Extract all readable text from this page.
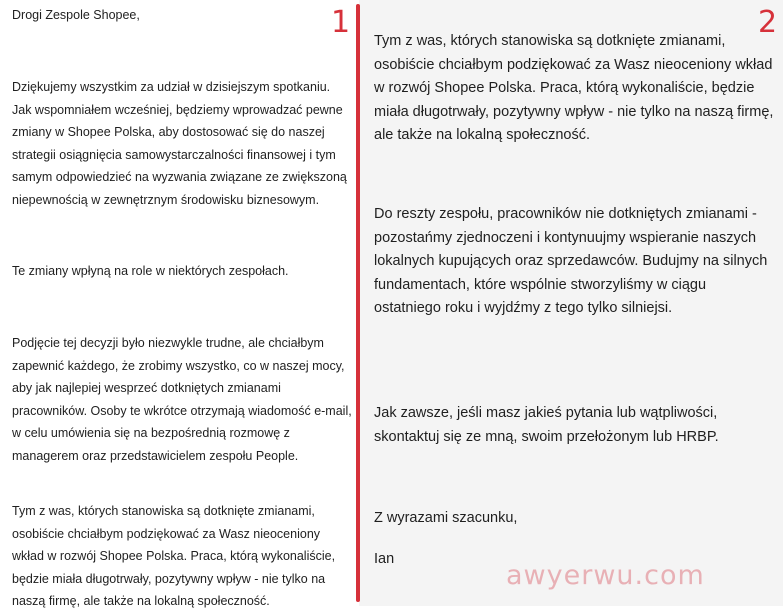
Drogi Zespole Shopee,

Dziękujemy wszystkim za udział w dzisiejszym spotkaniu. Jak wspomniałem wcześniej, będziemy wprowadzać pewne zmiany w Shopee Polska, aby dostosować się do naszej strategii osiągnięcia samowystarczalności finansowej i tym samym odpowiedzieć na wyzwania związane ze zwiększoną niepewnością w zewnętrznym środowisku biznesowym.

Te zmiany wpłyną na role w niektórych zespołach.

Podjęcie tej decyzji było niezwykle trudne, ale chciałbym zapewnić każdego, że zrobimy wszystko, co w naszej mocy, aby jak najlepiej wesprzeć dotkniętych zmianami pracowników. Osoby te wkrótce otrzymają wiadomość e-mail, w celu umówienia się na bezpośrednią rozmowę z managerem oraz przedstawicielem zespołu People.

Tym z was, których stanowiska są dotknięte zmianami, osobiście chciałbym podziękować za Wasz nieoceniony wkład w rozwój Shopee Polska. Praca, którą wykonaliście, będzie miała długotrwały, pozytywny wpływ - nie tylko na naszą firmę, ale także na lokalną społeczność.

1	2

Tym z was, których stanowiska są dotknięte zmianami, osobiście chciałbym podziękować za Wasz nieoceniony wkład w rozwój Shopee Polska. Praca, którą wykonaliście, będzie miała długotrwały, pozytywny wpływ - nie tylko na naszą firmę, ale także na lokalną społeczność.

Do reszty zespołu, pracowników nie dotkniętych zmianami - pozostańmy zjednoczeni i kontynuujmy wspieranie naszych lokalnych kupujących oraz sprzedawców. Budujmy na silnych fundamentach, które wspólnie stworzyliśmy w ciągu ostatniego roku i wyjdźmy z tego tylko silniejsi.

Jak zawsze, jeśli masz jakieś pytania lub wątpliwości, skontaktuj się ze mną, swoim przełożonym lub HRBP.

Z wyrazami szacunku,

Ian

awyerwu.com
